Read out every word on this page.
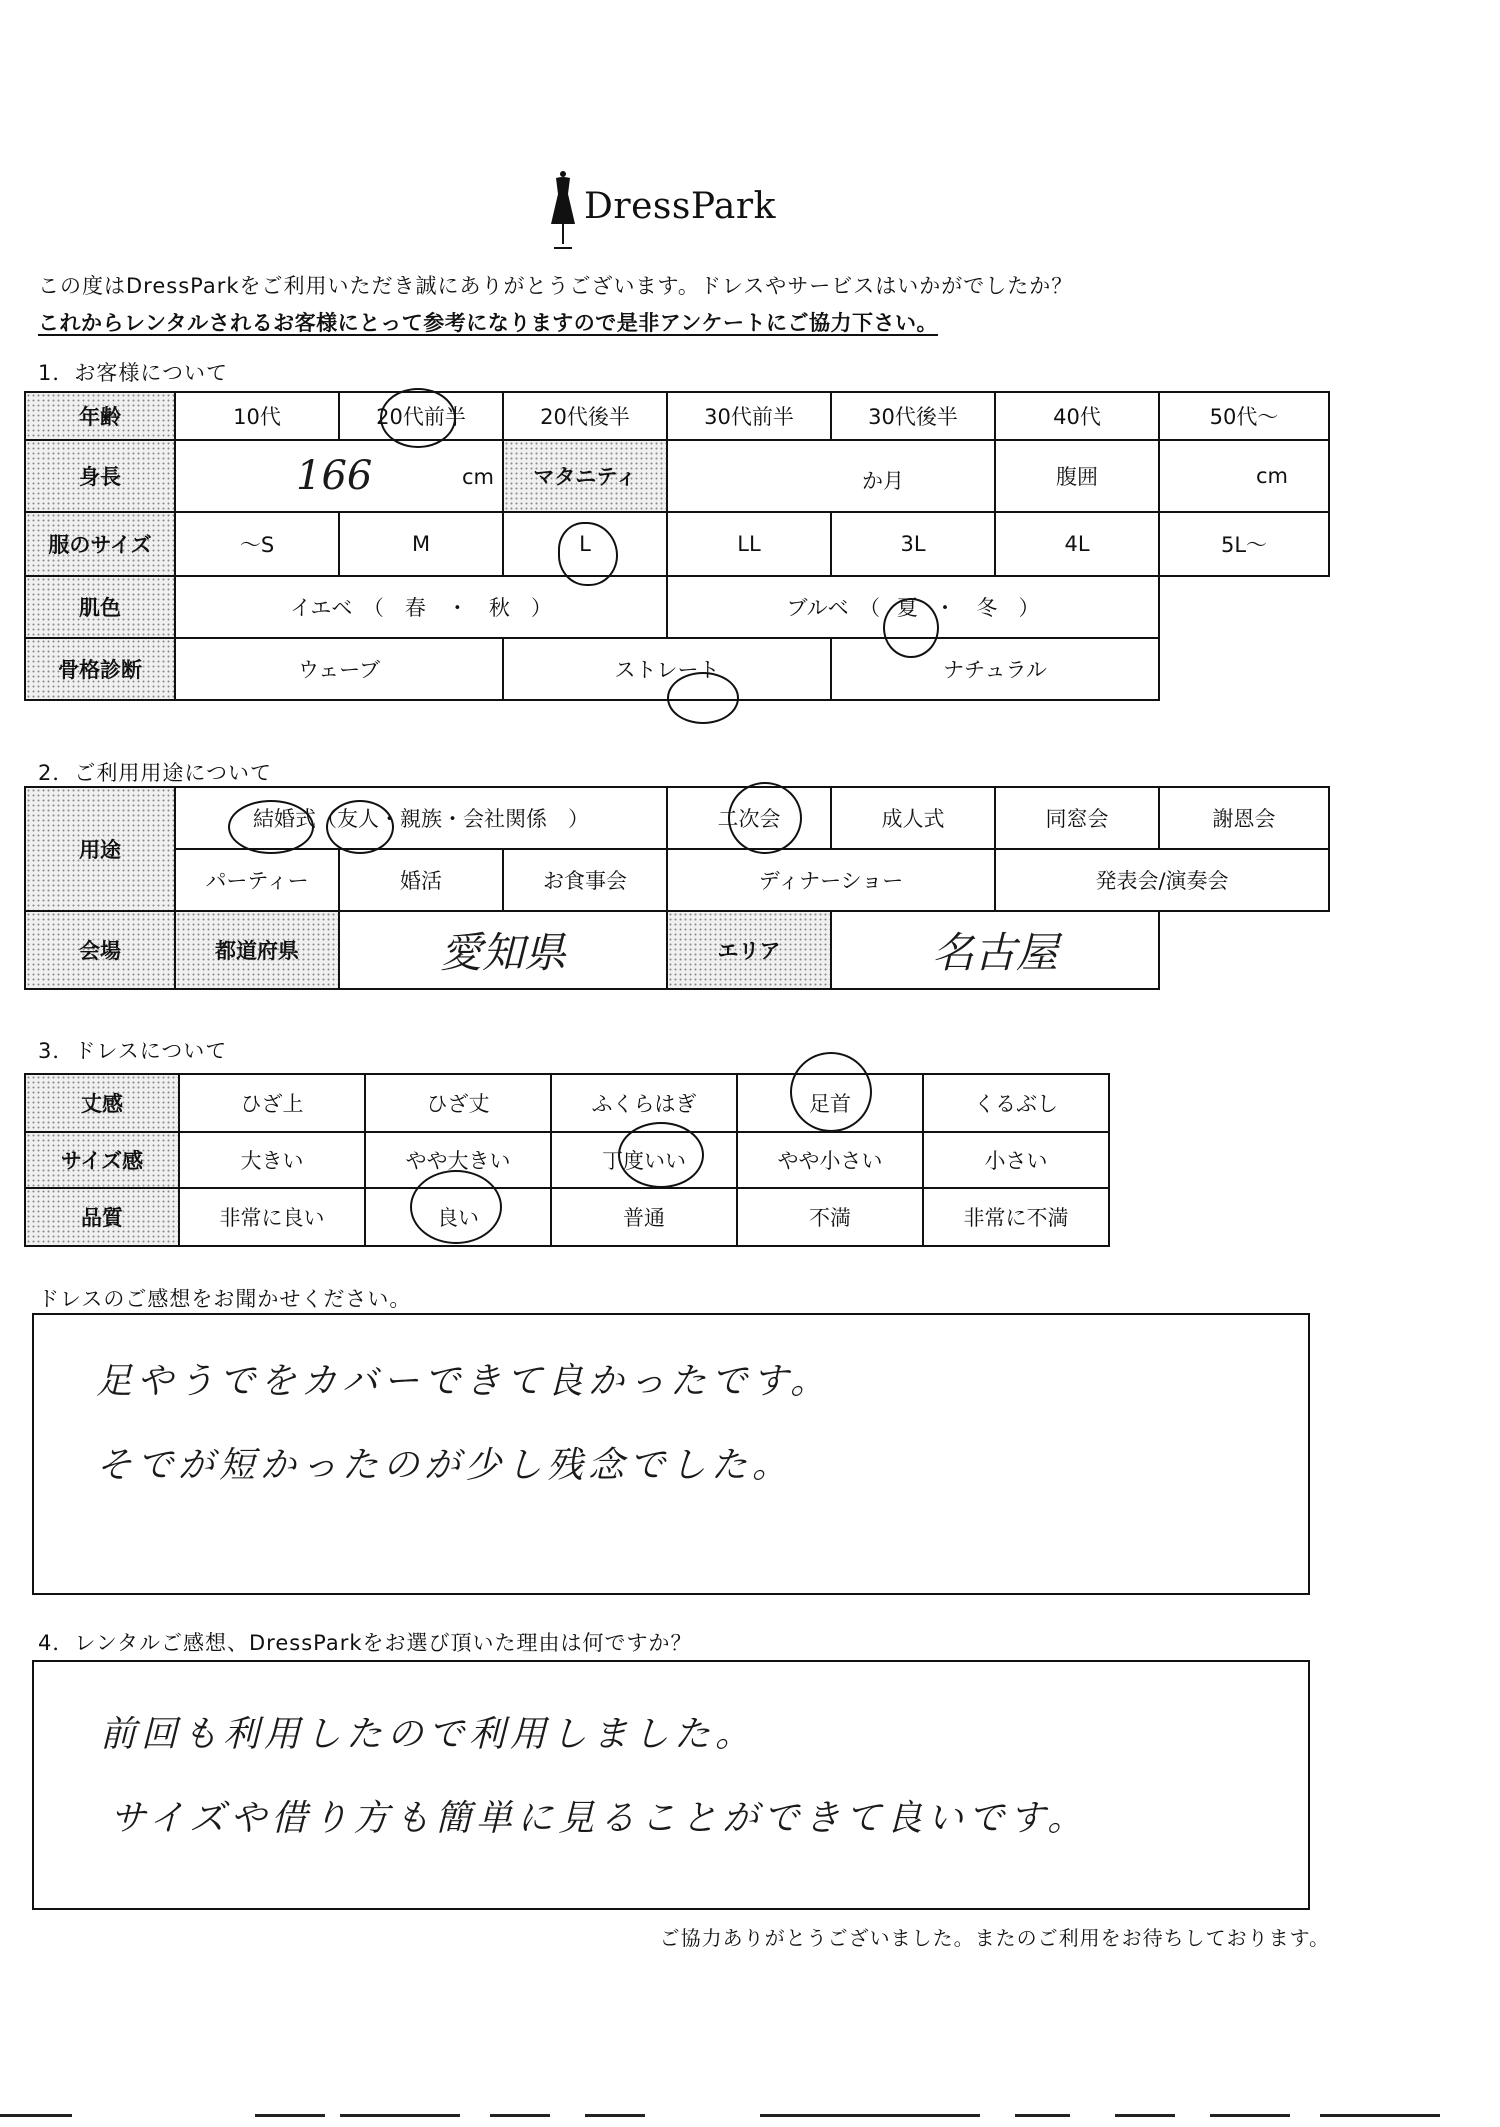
DressPark
この度はDressParkをご利用いただき誠にありがとうございます。ドレスやサービスはいかがでしたか？
これからレンタルされるお客様にとって参考になりますので是非アンケートにご協力下さい。
1．お客様について
年齢	10代	20代前半	20代後半	30代前半	30代後半	40代	50代〜
身長	166 cm		マタニティ	か月		腹囲	cm
服のサイズ	〜S	M	L	LL	3L	4L	5L〜
肌色	イエベ　（　春　・　秋　）			ブルベ　（ 夏 ・　冬　）			
骨格診断	ウェーブ		ストレート		ナチュラル		
2．ご利用用途について
用途	結婚式（友人・親族・会社関係　）			二次会	成人式	同窓会	謝恩会
	パーティー	婚活	お食事会	ディナーショー		発表会/演奏会	
会場	都道府県	愛知県		エリア	名古屋		
3．ドレスについて
丈感	ひざ上	ひざ丈	ふくらはぎ	足首	くるぶし
サイズ感	大きい	やや大きい	丁度いい	やや小さい	小さい
品質	非常に良い	良い	普通	不満	非常に不満
ドレスのご感想をお聞かせください。
足やうでをカバーできて良かったです。
そでが短かったのが少し残念でした。
4．レンタルご感想、DressParkをお選び頂いた理由は何ですか？
前回も利用したので利用しました。
サイズや借り方も簡単に見ることができて良いです。
ご協力ありがとうございました。またのご利用をお待ちしております。
